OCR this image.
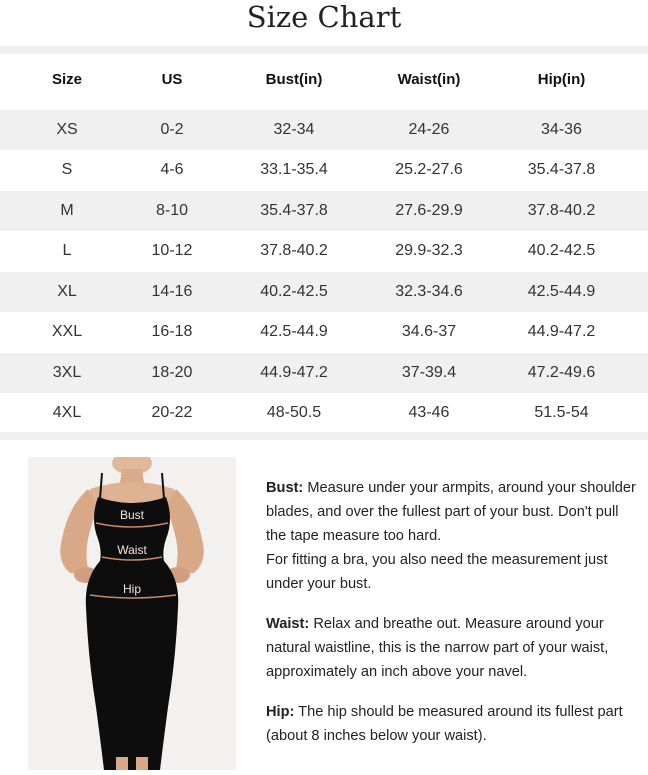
Size Chart
Size	US	Bust(in)	Waist(in)	Hip(in)
XS	0-2	32-34	24-26	34-36
S	4-6	33.1-35.4	25.2-27.6	35.4-37.8
M	8-10	35.4-37.8	27.6-29.9	37.8-40.2
L	10-12	37.8-40.2	29.9-32.3	40.2-42.5
XL	14-16	40.2-42.5	32.3-34.6	42.5-44.9
XXL	16-18	42.5-44.9	34.6-37	44.9-47.2
3XL	18-20	44.9-47.2	37-39.4	47.2-49.6
4XL	20-22	48-50.5	43-46	51.5-54
Bust
Waist
Hip

Bust: Measure under your armpits, around your shoulder blades, and over the fullest part of your bust. Don't pull the tape measure too hard.
For fitting a bra, you also need the measurement just under your bust.

Waist: Relax and breathe out. Measure around your natural waistline, this is the narrow part of your waist, approximately an inch above your navel.

Hip: The hip should be measured around its fullest part (about 8 inches below your waist).
